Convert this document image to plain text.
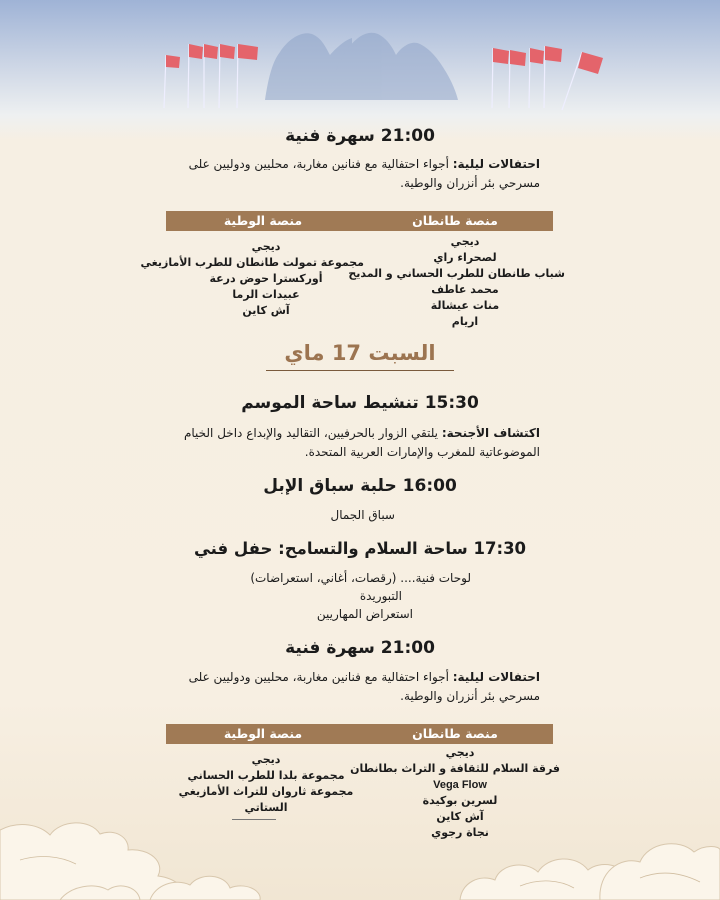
21:00 سهرة فنية
احتفالات ليلية: أجواء احتفالية مع فنانين مغاربة، محليين ودوليين على مسرحي بئر أنزران والوطية.
منصة طانطان
منصة الوطية
ديجي
لصحراء راي
شباب طانطان للطرب الحساني و المديح
محمد عاطف
منات عيشالة
اريام
ديجي
مجموعة تمولت طانطان للطرب الأمازيغي
أوركسترا حوض درعة
عبيدات الرما
آش كاين
السبت 17 ماي
15:30 تنشيط ساحة الموسم
اكتشاف الأجنحة: يلتقي الزوار بالحرفيين، التقاليد والإبداع داخل الخيام الموضوعاتية للمغرب والإمارات العربية المتحدة.
16:00 حلبة سباق الإبل
سباق الجمال
17:30 ساحة السلام والتسامح: حفل فني
لوحات فنية.... (رقصات، أغاني، استعراضات)
التبوريدة
استعراض المهاريين
21:00 سهرة فنية
احتفالات ليلية: أجواء احتفالية مع فنانين مغاربة، محليين ودوليين على مسرحي بئر أنزران والوطية.
منصة طانطان
منصة الوطية
ديجي
فرقة السلام للثقافة و التراث بطانطان
Vega Flow
لسرين بوكيدة
آش كاين
نجاة رجوي
ديجي
مجموعة بلدا للطرب الحساني
مجموعة ثاروان للتراث الأمازيغي
الستاتي
